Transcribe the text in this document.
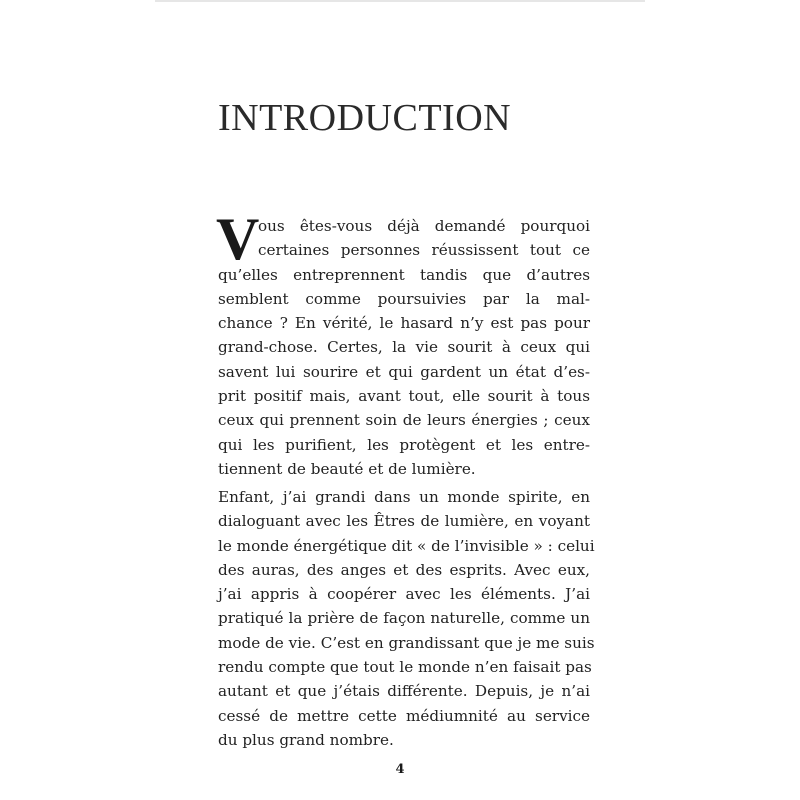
INTRODUCTION
V
ous êtes-vous déjà demandé pourquoi
certaines personnes réussissent tout ce
qu’elles entreprennent tandis que d’autres
semblent comme poursuivies par la mal-
chance ? En vérité, le hasard n’y est pas pour
grand-chose. Certes, la vie sourit à ceux qui
savent lui sourire et qui gardent un état d’es-
prit positif mais, avant tout, elle sourit à tous
ceux qui prennent soin de leurs énergies ; ceux
qui les purifient, les protègent et les entre-
tiennent de beauté et de lumière.
Enfant, j’ai grandi dans un monde spirite, en
dialoguant avec les Êtres de lumière, en voyant
le monde énergétique dit « de l’invisible » : celui
des auras, des anges et des esprits. Avec eux,
j’ai appris à coopérer avec les éléments. J’ai
pratiqué la prière de façon naturelle, comme un
mode de vie. C’est en grandissant que je me suis
rendu compte que tout le monde n’en faisait pas
autant et que j’étais différente. Depuis, je n’ai
cessé de mettre cette médiumnité au service
du plus grand nombre.
4
